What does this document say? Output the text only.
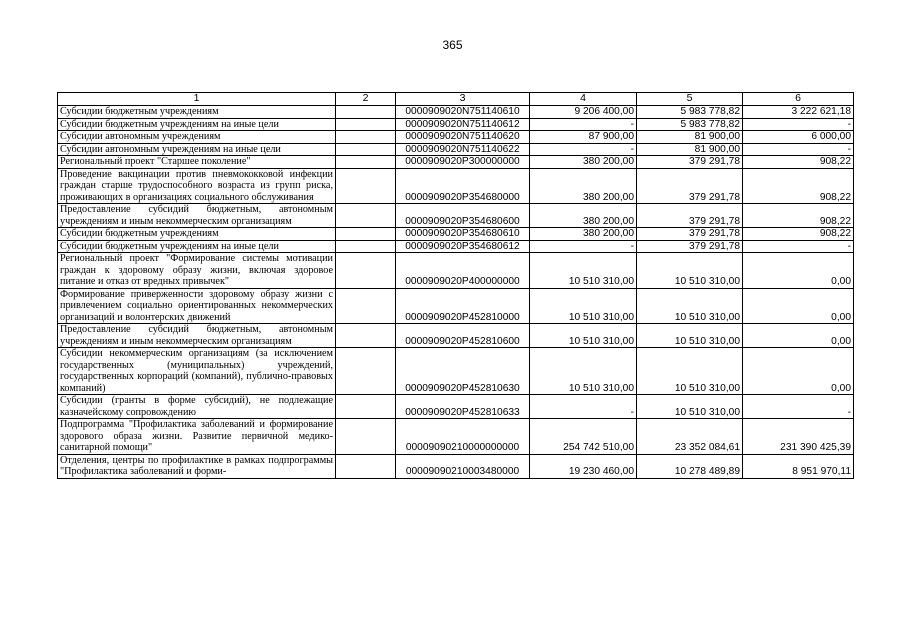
365
1	2	3	4	5	6
Субсидии бюджетным учреждениям		0000909020N751140610	9 206 400,00	5 983 778,82	3 222 621,18
Субсидии бюджетным учреждениям на иные цели		0000909020N751140612	-	5 983 778,82	-
Субсидии автономным учреждениям		0000909020N751140620	87 900,00	81 900,00	6 000,00
Субсидии автономным учреждениям на иные цели		0000909020N751140622	-	81 900,00	-
Региональный проект "Старшее поколение"		0000909020P300000000	380 200,00	379 291,78	908,22
Проведение вакцинации против пневмококковой инфекции граждан старше трудоспособного возраста из групп риска, проживающих в организациях социального обслуживания		0000909020P354680000	380 200,00	379 291,78	908,22
Предоставление субсидий бюджетным, автономным учреждениям и иным некоммерческим организациям		0000909020P354680600	380 200,00	379 291,78	908,22
Субсидии бюджетным учреждениям		0000909020P354680610	380 200,00	379 291,78	908,22
Субсидии бюджетным учреждениям на иные цели		0000909020P354680612	-	379 291,78	-
Региональный проект "Формирование системы мотивации граждан к здоровому образу жизни, включая здоровое питание и отказ от вредных привычек"		0000909020P400000000	10 510 310,00	10 510 310,00	0,00
Формирование приверженности здоровому образу жизни с привлечением социально ориентированных некоммерческих организаций и волонтерских движений		0000909020P452810000	10 510 310,00	10 510 310,00	0,00
Предоставление субсидий бюджетным, автономным учреждениям и иным некоммерческим организациям		0000909020P452810600	10 510 310,00	10 510 310,00	0,00
Субсидии некоммерческим организациям (за исключением государственных (муниципальных) учреждений, государственных корпораций (компаний), публично-правовых компаний)		0000909020P452810630	10 510 310,00	10 510 310,00	0,00
Субсидии (гранты в форме субсидий), не подлежащие казначейскому сопровождению		0000909020P452810633	-	10 510 310,00	-
Подпрограмма "Профилактика заболеваний и формирование здорового образа жизни. Развитие первичной медико-санитарной помощи"		00009090210000000000	254 742 510,00	23 352 084,61	231 390 425,39
Отделения, центры по профилактике в рамках подпрограммы "Профилактика заболеваний и форми-		00009090210003480000	19 230 460,00	10 278 489,89	8 951 970,11
